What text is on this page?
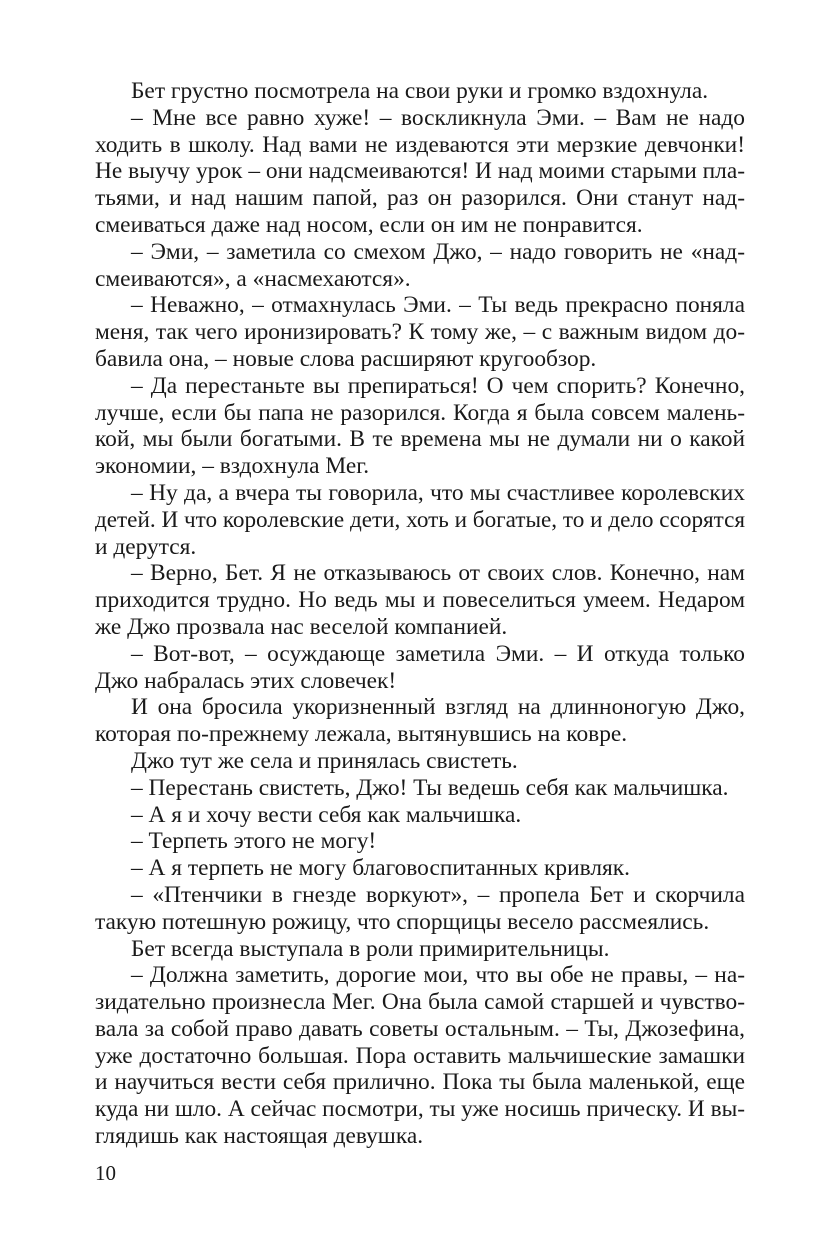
Бет грустно посмотрела на свои руки и громко вздохнула.
– Мне все равно хуже! – воскликнула Эми. – Вам не надо
ходить в школу. Над вами не издеваются эти мерзкие девчонки!
Не выучу урок – они надсмеиваются! И над моими старыми пла-
тьями, и над нашим папой, раз он разорился. Они станут над-
смеиваться даже над носом, если он им не понравится.
– Эми, – заметила со смехом Джо, – надо говорить не «над-
смеиваются», а «насмехаются».
– Неважно, – отмахнулась Эми. – Ты ведь прекрасно поняла
меня, так чего иронизировать? К тому же, – с важным видом до-
бавила она, – новые слова расширяют кругообзор.
– Да перестаньте вы препираться! О чем спорить? Конечно,
лучше, если бы папа не разорился. Когда я была совсем малень-
кой, мы были богатыми. В те времена мы не думали ни о какой
экономии, – вздохнула Мег.
– Ну да, а вчера ты говорила, что мы счастливее королевских
детей. И что королевские дети, хоть и богатые, то и дело ссорятся
и дерутся.
– Верно, Бет. Я не отказываюсь от своих слов. Конечно, нам
приходится трудно. Но ведь мы и повеселиться умеем. Недаром
же Джо прозвала нас веселой компанией.
– Вот-вот, – осуждающе заметила Эми. – И откуда только
Джо набралась этих словечек!
И она бросила укоризненный взгляд на длинноногую Джо,
которая по-прежнему лежала, вытянувшись на ковре.
Джо тут же села и принялась свистеть.
– Перестань свистеть, Джо! Ты ведешь себя как мальчишка.
– А я и хочу вести себя как мальчишка.
– Терпеть этого не могу!
– А я терпеть не могу благовоспитанных кривляк.
– «Птенчики в гнезде воркуют», – пропела Бет и скорчила
такую потешную рожицу, что спорщицы весело рассмеялись.
Бет всегда выступала в роли примирительницы.
– Должна заметить, дорогие мои, что вы обе не правы, – на-
зидательно произнесла Мег. Она была самой старшей и чувство-
вала за собой право давать советы остальным. – Ты, Джозефина,
уже достаточно большая. Пора оставить мальчишеские замашки
и научиться вести себя прилично. Пока ты была маленькой, еще
куда ни шло. А сейчас посмотри, ты уже носишь прическу. И вы-
глядишь как настоящая девушка.
10
